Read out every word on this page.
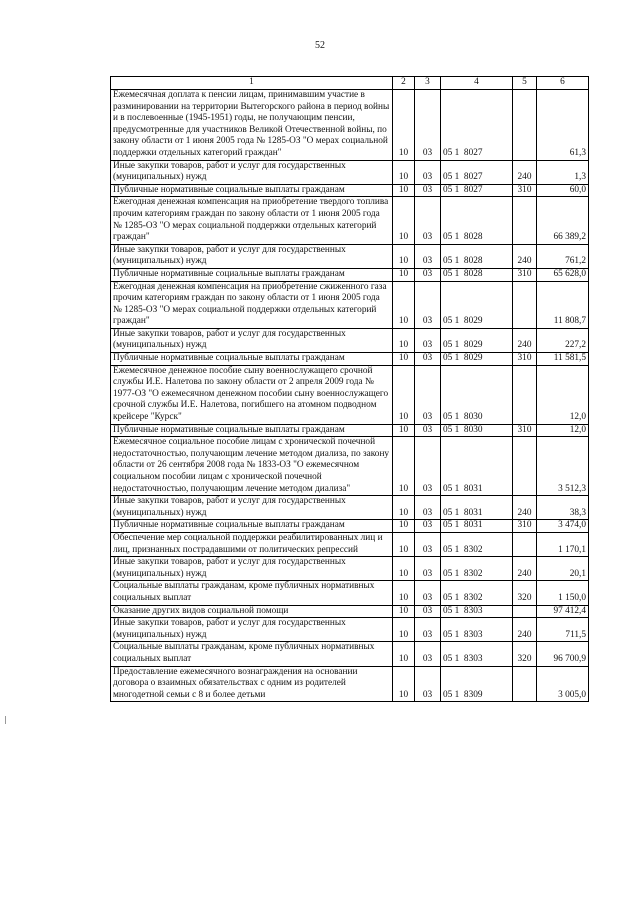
52
1	2	3	4	5	6
Ежемесячная доплата к пенсии лицам, принимавшим участие в разминировании на территории Вытегорского района в период войны и в послевоенные (1945-1951) годы, не получающим пенсии, предусмотренные для участников Великой Отечественной войны, по закону области от 1 июня 2005 года № 1285-ОЗ "О мерах социальной поддержки отдельных категорий граждан"	10	03	05 1  8027		61,3
Иные закупки товаров, работ и услуг для государственных (муниципальных) нужд	10	03	05 1  8027	240	1,3
Публичные нормативные социальные выплаты гражданам	10	03	05 1  8027	310	60,0
Ежегодная денежная компенсация на приобретение твердого топлива прочим категориям граждан по закону области от 1 июня 2005 года № 1285-ОЗ "О мерах социальной поддержки отдельных категорий граждан"	10	03	05 1  8028		66 389,2
Иные закупки товаров, работ и услуг для государственных (муниципальных) нужд	10	03	05 1  8028	240	761,2
Публичные нормативные социальные выплаты гражданам	10	03	05 1  8028	310	65 628,0
Ежегодная денежная компенсация на приобретение сжиженного газа прочим категориям граждан по закону области от 1 июня 2005 года № 1285-ОЗ "О мерах социальной поддержки отдельных категорий граждан"	10	03	05 1  8029		11 808,7
Иные закупки товаров, работ и услуг для государственных (муниципальных) нужд	10	03	05 1  8029	240	227,2
Публичные нормативные социальные выплаты гражданам	10	03	05 1  8029	310	11 581,5
Ежемесячное денежное пособие сыну военнослужащего срочной службы И.Е. Налетова по закону области от 2 апреля 2009 года № 1977-ОЗ "О ежемесячном денежном пособии сыну военнослужащего срочной службы И.Е. Налетова, погибшего на атомном подводном крейсере "Курск"	10	03	05 1  8030		12,0
Публичные нормативные социальные выплаты гражданам	10	03	05 1  8030	310	12,0
Ежемесячное социальное пособие лицам с хронической почечной недостаточностью, получающим лечение методом диализа, по закону области от 26 сентября 2008 года № 1833-ОЗ "О ежемесячном социальном пособии лицам с хронической почечной недостаточностью, получающим лечение методом диализа"	10	03	05 1  8031		3 512,3
Иные закупки товаров, работ и услуг для государственных (муниципальных) нужд	10	03	05 1  8031	240	38,3
Публичные нормативные социальные выплаты гражданам	10	03	05 1  8031	310	3 474,0
Обеспечение мер социальной поддержки реабилитированных лиц и лиц, признанных пострадавшими от политических репрессий	10	03	05 1  8302		1 170,1
Иные закупки товаров, работ и услуг для государственных (муниципальных) нужд	10	03	05 1  8302	240	20,1
Социальные выплаты гражданам, кроме публичных нормативных социальных выплат	10	03	05 1  8302	320	1 150,0
Оказание других видов социальной помощи	10	03	05 1  8303		97 412,4
Иные закупки товаров, работ и услуг для государственных (муниципальных) нужд	10	03	05 1  8303	240	711,5
Социальные выплаты гражданам, кроме публичных нормативных социальных выплат	10	03	05 1  8303	320	96 700,9
Предоставление ежемесячного вознаграждения на основании договора о взаимных обязательствах с одним из родителей многодетной семьи с 8 и более детьми	10	03	05 1  8309		3 005,0
